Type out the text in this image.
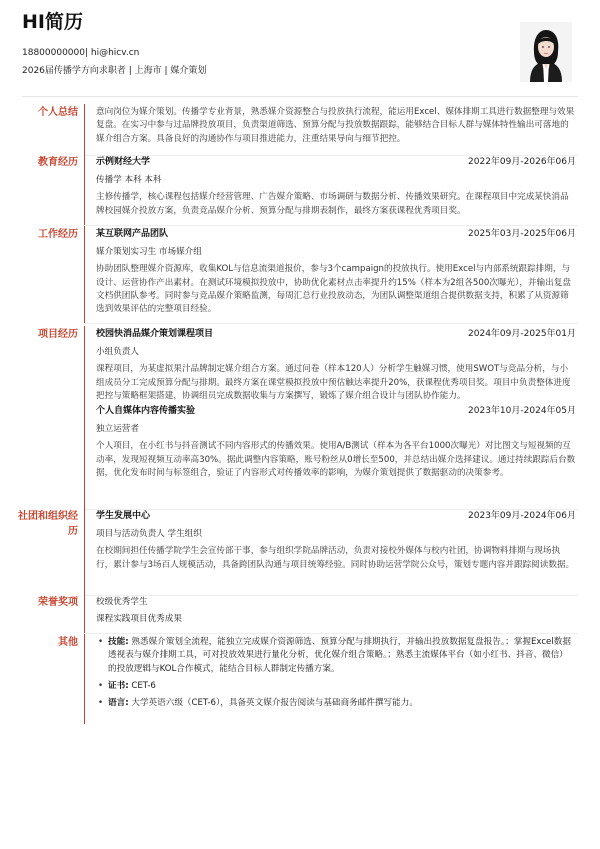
HI简历
18800000000| hi@hicv.cn
2026届传播学方向求职者 | 上海市 | 媒介策划
个人总结 意向岗位为媒介策划。传播学专业背景，熟悉媒介资源整合与投放执行流程，能运用Excel、媒体排期工具进行数据整理与效果复盘。在实习中参与过品牌投放项目，负责渠道筛选、预算分配与投放数据跟踪，能够结合目标人群与媒体特性输出可落地的媒介组合方案。具备良好的沟通协作与项目推进能力，注重结果导向与细节把控。
教育经历 示例财经大学	2022年09月-2026年06月
传播学 本科 本科
主修传播学，核心课程包括媒介经营管理、广告媒介策略、市场调研与数据分析、传播效果研究。在课程项目中完成某快消品牌校园媒介投放方案，负责竞品媒介分析、预算分配与排期表制作，最终方案获课程优秀项目奖。
工作经历 某互联网产品团队	2025年03月-2025年06月
媒介策划实习生 市场媒介组
协助团队整理媒介资源库，收集KOL与信息流渠道报价，参与3个campaign的投放执行。使用Excel与内部系统跟踪排期，与设计、运营协作产出素材。在测试环境模拟投放中，协助优化素材点击率提升约15%（样本为2组各500次曝光），并输出复盘文档供团队参考。同时参与竞品媒介策略监测，每周汇总行业投放动态，为团队调整渠道组合提供数据支持，积累了从资源筛选到效果评估的完整项目经验。
项目经历 校园快消品媒介策划课程项目	2024年09月-2025年01月
小组负责人
课程项目，为某虚拟果汁品牌制定媒介组合方案。通过问卷（样本120人）分析学生触媒习惯，使用SWOT与竞品分析，与小组成员分工完成预算分配与排期。最终方案在课堂模拟投放中预估触达率提升20%，获课程优秀项目奖。项目中负责整体进度把控与策略框架搭建，协调组员完成数据收集与方案撰写，锻炼了媒介组合设计与团队协作能力。
个人自媒体内容传播实验	2023年10月-2024年05月
独立运营者
个人项目，在小红书与抖音测试不同内容形式的传播效果。使用A/B测试（样本为各平台1000次曝光）对比图文与短视频的互动率，发现短视频互动率高30%。据此调整内容策略，账号粉丝从0增长至500，并总结出媒介选择建议。通过持续跟踪后台数据，优化发布时间与标签组合，验证了内容形式对传播效率的影响，为媒介策划提供了数据驱动的决策参考。
社团和组织经历
学生发展中心	2023年09月-2024年06月
项目与活动负责人 学生组织
在校期间担任传播学院学生会宣传部干事，参与组织学院品牌活动，负责对接校外媒体与校内社团，协调物料排期与现场执行，累计参与3场百人规模活动，具备跨团队沟通与项目统筹经验。同时协助运营学院公众号，策划专题内容并跟踪阅读数据。
荣誉奖项 校级优秀学生
课程实践项目优秀成果
其他
•	技能: 熟悉媒介策划全流程，能独立完成媒介资源筛选、预算分配与排期执行，并输出投放数据复盘报告。；掌握Excel数据透视表与媒介排期工具，可对投放效果进行量化分析，优化媒介组合策略。；熟悉主流媒体平台（如小红书、抖音、微信）的投放逻辑与KOL合作模式，能结合目标人群制定传播方案。
• 证书: CET-6
• 语言: 大学英语六级（CET-6），具备英文媒介报告阅读与基础商务邮件撰写能力。
